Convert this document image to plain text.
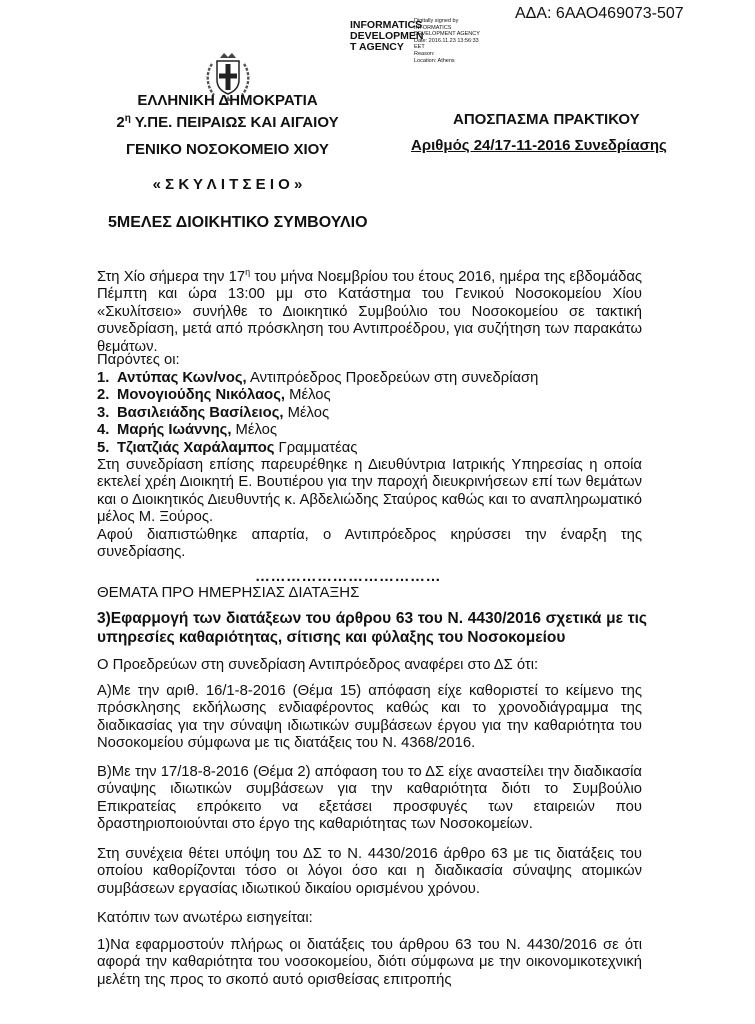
ΑΔΑ: 6ΑΑΟ469073-507
INFORMATICS DEVELOPMEN T AGENCY
Digitally signed by
INFORMATICS
DEVELOPMENT AGENCY
Date: 2016.11.23 13:56:33
EET
Reason:
Location: Athens
ΕΛΛΗΝΙΚΗ ΔΗΜΟΚΡΑΤΙΑ
$2^\eta$ Υ.ΠΕ. ΠΕΙΡΑΙΩΣ ΚΑΙ ΑΙΓΑΙΟΥ
ΓΕΝΙΚΟ ΝΟΣΟΚΟΜΕΙΟ ΧΙΟΥ
« Σ Κ Υ Λ Ι Τ Σ Ε Ι Ο »
ΑΠΟΣΠΑΣΜΑ ΠΡΑΚΤΙΚΟΥ
Αριθμός 24/17-11-2016 Συνεδρίασης
5ΜΕΛΕΣ ΔΙΟΙΚΗΤΙΚΟ ΣΥΜΒΟΥΛΙΟ

Στη Χίο σήμερα την $17^\eta$ του μήνα Νοεμβρίου του έτους 2016, ημέρα της εβδομάδας Πέμπτη και ώρα 13:00 μμ στο Κατάστημα του Γενικού Νοσοκομείου Χίου «Σκυλίτσειο» συνήλθε το Διοικητικό Συμβούλιο του Νοσοκομείου σε τακτική συνεδρίαση, μετά από πρόσκληση του Αντιπροέδρου, για συζήτηση των παρακάτω θεμάτων.

Παρόντες οι:
1. Αντύπας Κων/νος, Αντιπρόεδρος Προεδρεύων στη συνεδρίαση
2. Μονογιούδης Νικόλαος, Μέλος
3. Βασιλειάδης Βασίλειος, Μέλος
4. Μαρής Ιωάννης, Μέλος
5. Τζιατζιάς Χαράλαμπος Γραμματέας

Στη συνεδρίαση επίσης παρευρέθηκε η Διευθύντρια Ιατρικής Υπηρεσίας η οποία εκτελεί χρέη Διοικητή Ε. Βουτιέρου για την παροχή διευκρινήσεων επί των θεμάτων και ο Διοικητικός Διευθυντής κ. Αβδελιώδης Σταύρος καθώς και το αναπληρωματικό μέλος Μ. Ξούρος.

Αφού διαπιστώθηκε απαρτία, ο Αντιπρόεδρος κηρύσσει την έναρξη της συνεδρίασης.

………………………………
ΘΕΜΑΤΑ ΠΡΟ ΗΜΕΡΗΣΙΑΣ ΔΙΑΤΑΞΗΣ
3)Εφαρμογή των διατάξεων του άρθρου 63 του Ν. 4430/2016 σχετικά με τις υπηρεσίες καθαριότητας, σίτισης και φύλαξης του Νοσοκομείου

Ο Προεδρεύων στη συνεδρίαση Αντιπρόεδρος αναφέρει στο ΔΣ ότι:

Α)Με την αριθ. 16/1-8-2016 (Θέμα 15) απόφαση είχε καθοριστεί το κείμενο της πρόσκλησης εκδήλωσης ενδιαφέροντος καθώς και το χρονοδιάγραμμα της διαδικασίας για την σύναψη ιδιωτικών συμβάσεων έργου για την καθαριότητα του Νοσοκομείου σύμφωνα με τις διατάξεις του Ν. 4368/2016.

Β)Με την 17/18-8-2016 (Θέμα 2) απόφαση του το ΔΣ είχε αναστείλει την διαδικασία σύναψης ιδιωτικών συμβάσεων για την καθαριότητα διότι το Συμβούλιο Επικρατείας επρόκειτο να εξετάσει προσφυγές των εταιρειών που δραστηριοποιούνται στο έργο της καθαριότητας των Νοσοκομείων.

Στη συνέχεια θέτει υπόψη του ΔΣ το Ν. 4430/2016 άρθρο 63 με τις διατάξεις του οποίου καθορίζονται τόσο οι λόγοι όσο και η διαδικασία σύναψης ατομικών συμβάσεων εργασίας ιδιωτικού δικαίου ορισμένου χρόνου.

Κατόπιν των ανωτέρω εισηγείται:

1)Να εφαρμοστούν πλήρως οι διατάξεις του άρθρου 63 του Ν. 4430/2016 σε ότι αφορά την καθαριότητα του νοσοκομείου, διότι σύμφωνα με την οικονομικοτεχνική μελέτη της προς το σκοπό αυτό ορισθείσας επιτροπής
